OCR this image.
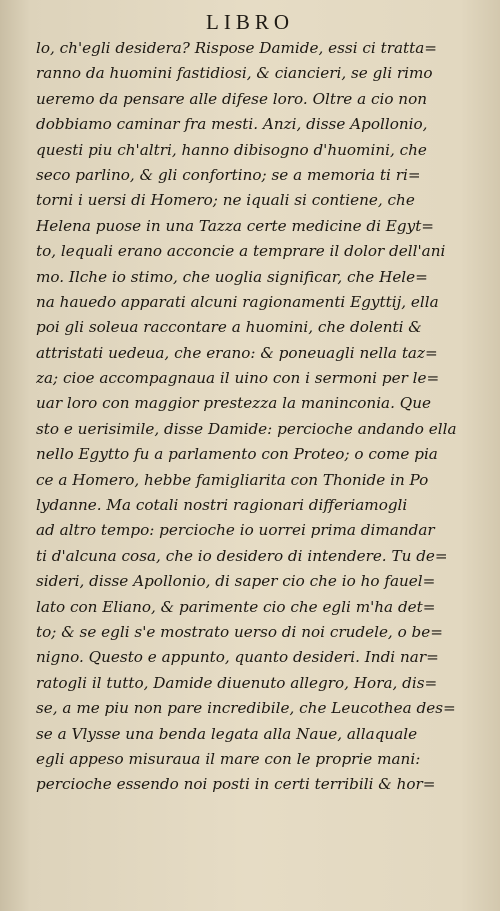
LIBRO
lo, ch'egli desidera? Rispose Damide, essi ci tratta=
ranno da huomini fastidiosi, & ciancieri, se gli rimo
ueremo da pensare alle difese loro. Oltre a cio non
dobbiamo caminar fra mesti. Anzi, disse Apollonio,
questi piu ch'altri, hanno dibisogno d'huomini, che
seco parlino, & gli confortino; se a memoria ti ri=
torni i uersi di Homero; ne iquali si contiene, che
Helena puose in una Tazza certe medicine di Egyt=
to, lequali erano acconcie a temprare il dolor dell'ani
mo. Ilche io stimo, che uoglia significar, che Hele=
na hauedo apparati alcuni ragionamenti Egyttij, ella
poi gli soleua raccontare a huomini, che dolenti &
attristati uedeua, che erano: & poneuagli nella taz=
za; cioe accompagnaua il uino con i sermoni per le=
uar loro con maggior prestezza la maninconia. Que
sto e uerisimile, disse Damide: percioche andando ella
nello Egytto fu a parlamento con Proteo; o come pia
ce a Homero, hebbe famigliarita con Thonide in Po
lydanne. Ma cotali nostri ragionari differiamogli
ad altro tempo: percioche io uorrei prima dimandar
ti d'alcuna cosa, che io desidero di intendere. Tu de=
sideri, disse Apollonio, di saper cio che io ho fauel=
lato con Eliano, & parimente cio che egli m'ha det=
to; & se egli s'e mostrato uerso di noi crudele, o be=
nigno. Questo e appunto, quanto desideri. Indi nar=
ratogli il tutto, Damide diuenuto allegro, Hora, dis=
se, a me piu non pare incredibile, che Leucothea des=
se a Vlysse una benda legata alla Naue, allaquale
egli appeso misuraua il mare con le proprie mani:
percioche essendo noi posti in certi terribili & hor=
